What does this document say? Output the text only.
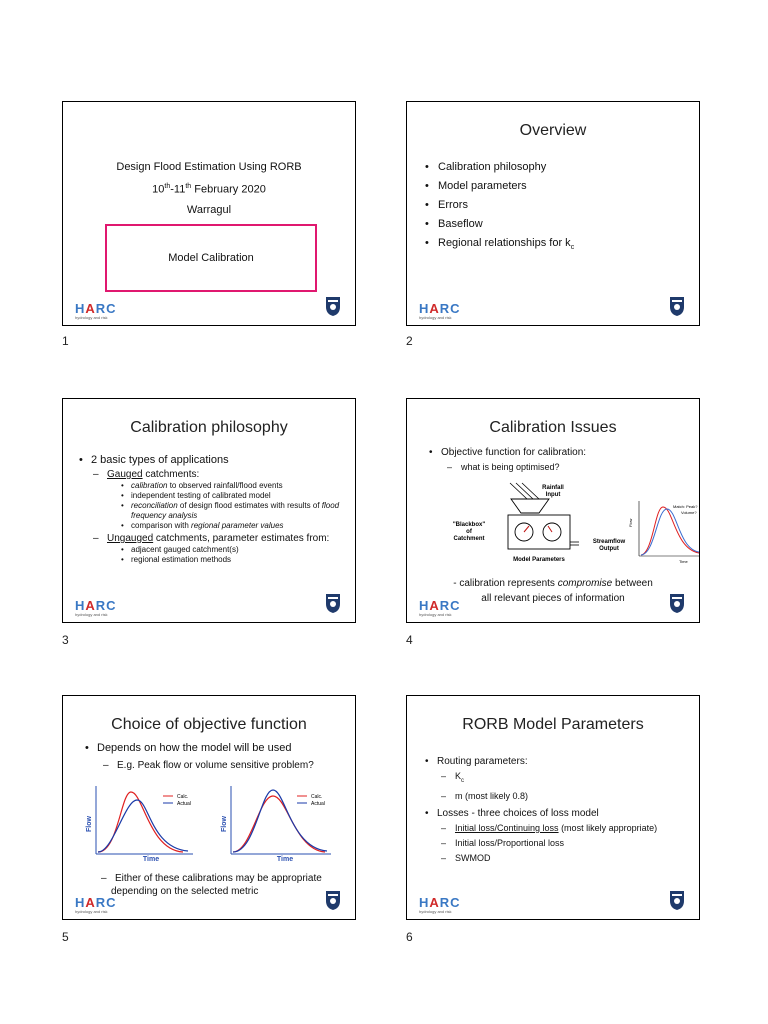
Design Flood Estimation Using RORB
10th-11th February 2020
Warragul
Model Calibration
HARC
hydrology and risk
1
Overview
• Calibration philosophy
• Model parameters
• Errors
• Baseflow
• Regional relationships for $k_c$
HARC
hydrology and risk
2
Calibration philosophy
• 2 basic types of applications
– Gauged catchments:
• calibration to observed rainfall/flood events
• independent testing of calibrated model
• reconciliation of design flood estimates with results of flood frequency analysis
• comparison with regional parameter values
– Ungauged catchments, parameter estimates from:
• adjacent gauged catchment(s)
• regional estimation methods
HARC
hydrology and risk
3
Calibration Issues
• Objective function for calibration:
– what is being optimised?
Rainfall
Input
"Blackbox"
of
Catchment
Model Parameters
Streamflow
Output
Flow
Time
Match: Peak?
Volume?
- calibration represents compromise between
all relevant pieces of information
HARC
hydrology and risk
4
Choice of objective function
• Depends on how the model will be used
– E.g. Peak flow or volume sensitive problem?
Flow
Time
Calc.
Actual
Flow
Time
Calc.
Actual
– Either of these calibrations may be appropriate
depending on the selected metric
HARC
hydrology and risk
5
RORB Model Parameters
• Routing parameters:
– $K_c$
– m (most likely 0.8)
• Losses - three choices of loss model
– Initial loss/Continuing loss (most likely appropriate)
– Initial loss/Proportional loss
– SWMOD
HARC
hydrology and risk
6
